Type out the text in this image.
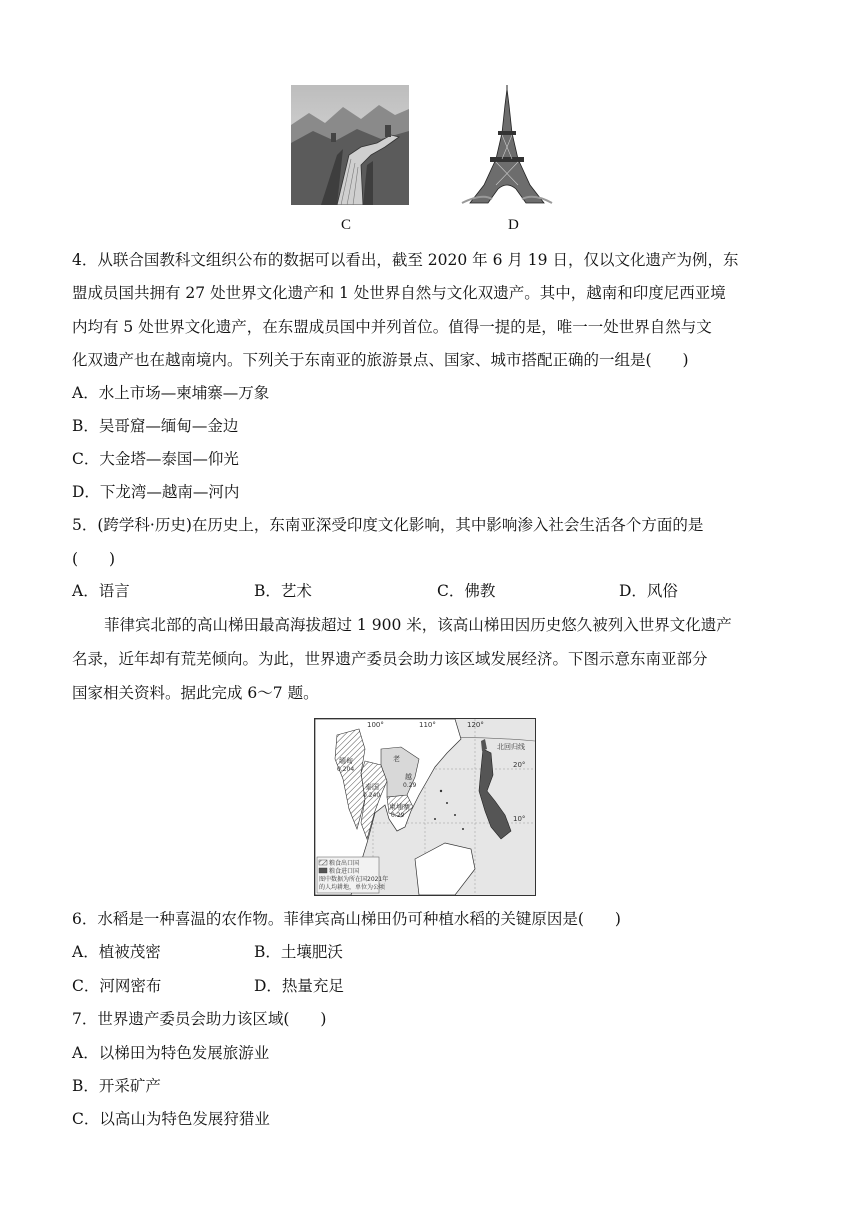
C	D
4．从联合国教科文组织公布的数据可以看出，截至 2020 年 6 月 19 日，仅以文化遗产为例，东
盟成员国共拥有 27 处世界文化遗产和 1 处世界自然与文化双遗产。其中，越南和印度尼西亚境
内均有 5 处世界文化遗产，在东盟成员国中并列首位。值得一提的是，唯一一处世界自然与文
化双遗产也在越南境内。下列关于东南亚的旅游景点、国家、城市搭配正确的一组是(　　)
A．水上市场—柬埔寨—万象
B．吴哥窟—缅甸—金边
C．大金塔—泰国—仰光
D．下龙湾—越南—河内
5．(跨学科·历史)在历史上，东南亚深受印度文化影响，其中影响渗入社会生活各个方面的是
(　　)
A．语言	B．艺术	C．佛教	D．风俗
菲律宾北部的高山梯田最高海拔超过 1 900 米，该高山梯田因历史悠久被列入世界文化遗产
名录，近年却有荒芜倾向。为此，世界遗产委员会助力该区域发展经济。下图示意东南亚部分
国家相关资料。据此完成 6～7 题。
100°	110°	120°
20°
10°
北回归线
缅甸
0.204
老
泰国
0.240
柬埔寨
0.29
越
0.29
粮食出口国
粮食进口国
图中数据为所在国2021年
的人均耕地，单位为公顷
6．水稻是一种喜温的农作物。菲律宾高山梯田仍可种植水稻的关键原因是(　　)
A．植被茂密	B．土壤肥沃
C．河网密布	D．热量充足
7．世界遗产委员会助力该区域(　　)
A．以梯田为特色发展旅游业
B．开采矿产
C．以高山为特色发展狩猎业
